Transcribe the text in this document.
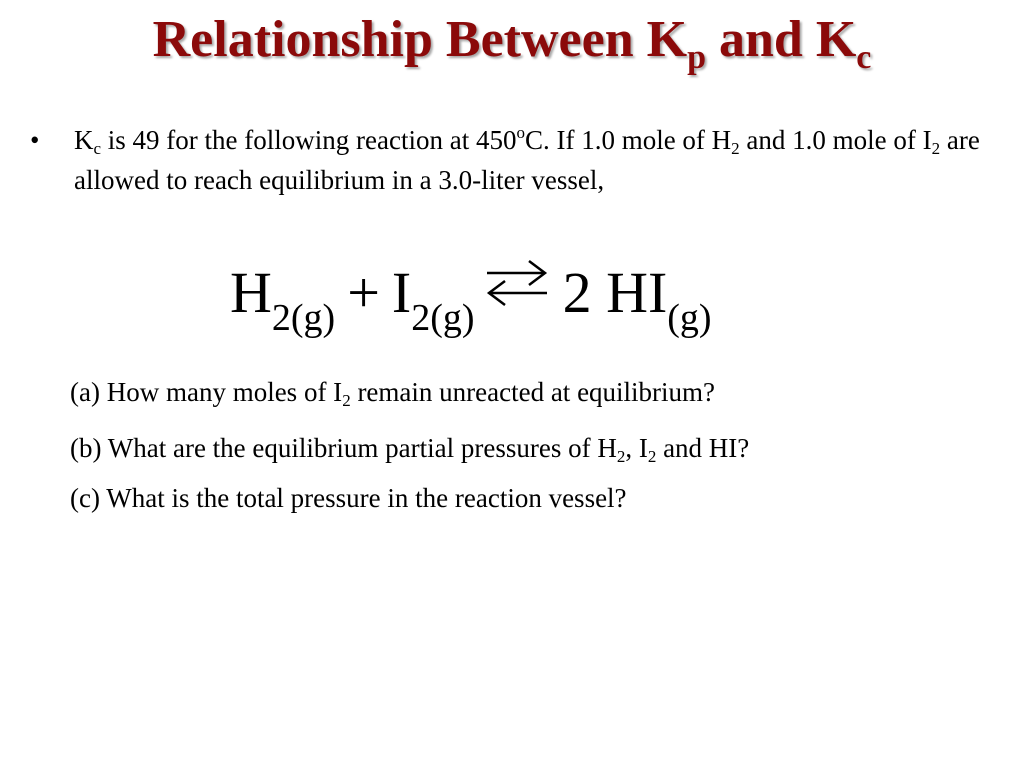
Relationship Between $K_p$ and $K_c$
•	$K_c$ is 49 for the following reaction at 450$^o$C. If 1.0 mole of $H_2$ and 1.0 mole of $I_2$ are allowed to reach equilibrium in a 3.0-liter vessel,
$H_{2(g)} + I_{2(g)}$ ⇌ 2 $HI_{(g)}$
(a) How many moles of $I_2$ remain unreacted at equilibrium?
(b) What are the equilibrium partial pressures of $H_2$, $I_2$ and HI?
(c) What is the total pressure in the reaction vessel?
